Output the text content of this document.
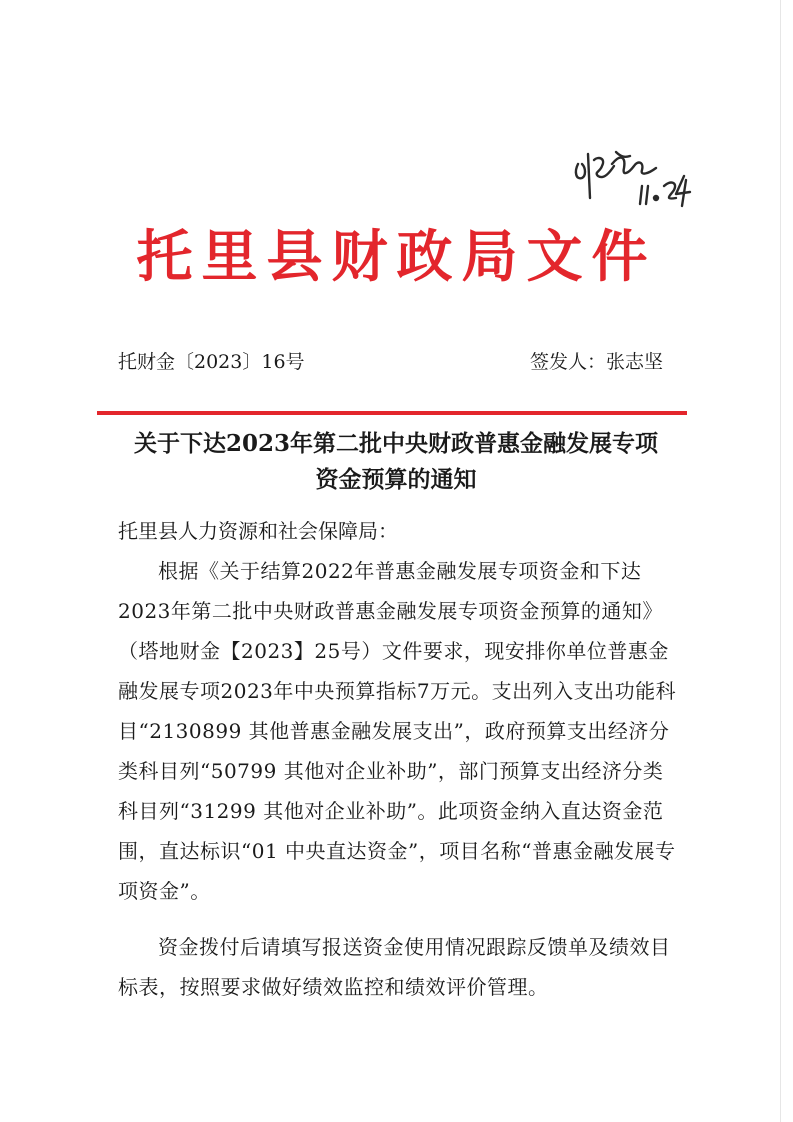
托里县财政局文件
托财金〔2023〕16号	签发人：张志坚
关于下达2023年第二批中央财政普惠金融发展专项
资金预算的通知
托里县人力资源和社会保障局：

根据《关于结算2022年普惠金融发展专项资金和下达2023年第二批中央财政普惠金融发展专项资金预算的通知》（塔地财金【2023】25号）文件要求，现安排你单位普惠金融发展专项2023年中央预算指标7万元。支出列入支出功能科目“2130899 其他普惠金融发展支出”，政府预算支出经济分类科目列“50799 其他对企业补助”，部门预算支出经济分类科目列“31299 其他对企业补助”。此项资金纳入直达资金范围，直达标识“01 中央直达资金”，项目名称“普惠金融发展专项资金”。

资金拨付后请填写报送资金使用情况跟踪反馈单及绩效目标表，按照要求做好绩效监控和绩效评价管理。
